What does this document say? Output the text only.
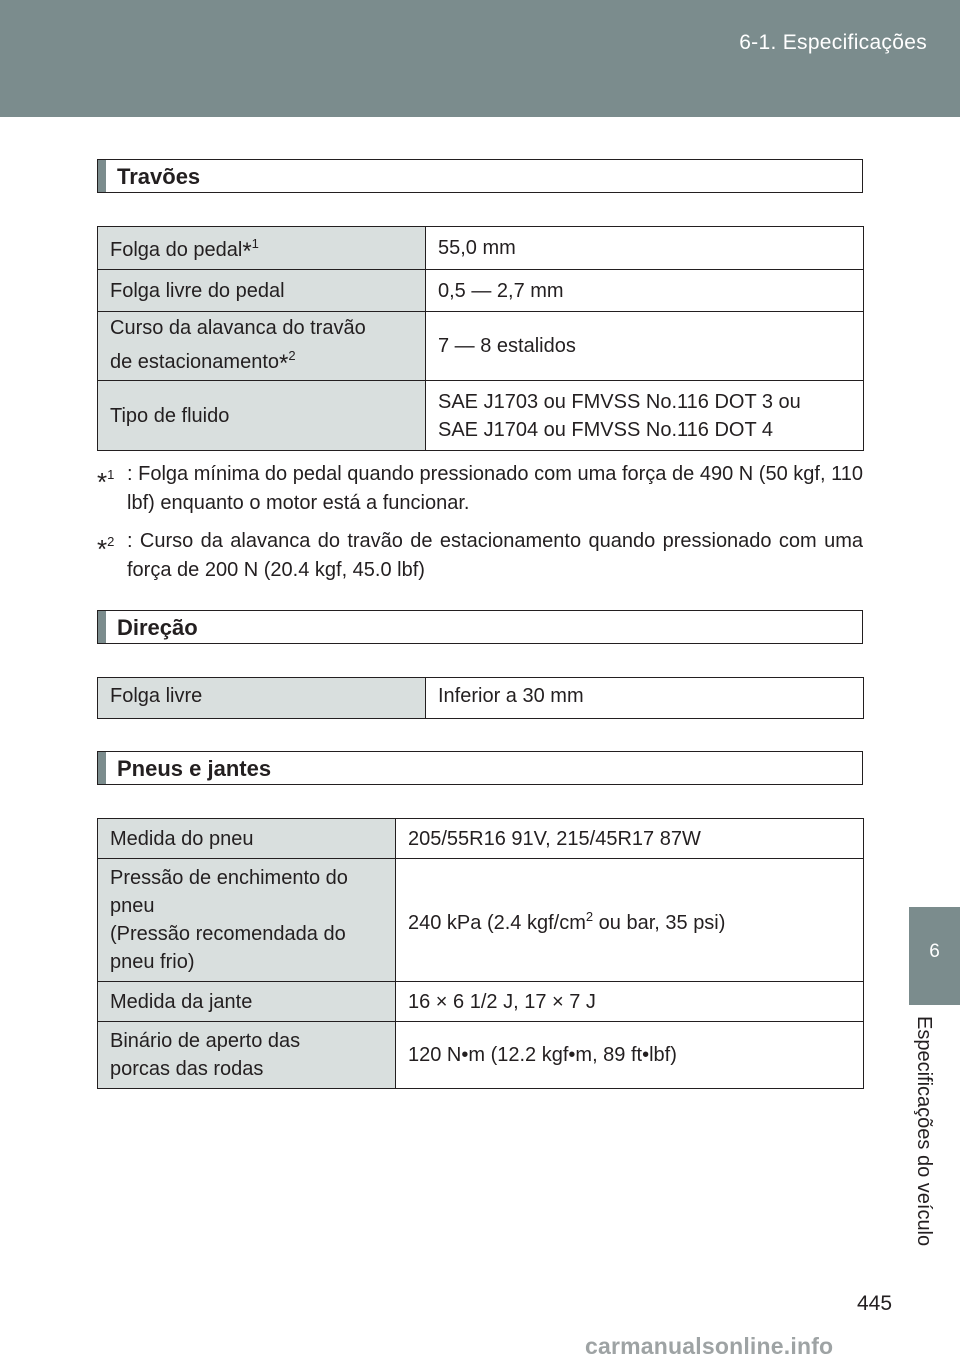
6-1. Especificações
6
Especificações do veículo
Travões
Folga do pedal*$^1$	55,0 mm
Folga livre do pedal	0,5 — 2,7 mm

Curso da alavanca do travão
de estacionamento*$^2$	7 — 8 estalidos
Tipo de fluido	SAE J1703 ou FMVSS No.116 DOT 3 ou
SAE J1704 ou FMVSS No.116 DOT 4
*$^1$ : Folga mínima do pedal quando pressionado com uma força de 490 N (50 kgf, 110 lbf) enquanto o motor está a funcionar.
*$^2$ : Curso da alavanca do travão de estacionamento quando pressionado com uma força de 200 N (20.4 kgf, 45.0 lbf)
Direção
Folga livre	Inferior a 30 mm
Pneus e jantes
Medida do pneu	205/55R16 91V, 215/45R17 87W

Pressão de enchimento do
pneu
(Pressão recomendada do
pneu frio)	240 kPa (2.4 kgf/$cm^2$ ou bar, 35 psi)
Medida da jante	16 × 6 1/2 J, 17 × 7 J

Binário de aperto das
porcas das rodas	120 N•m (12.2 kgf•m, 89 ft•lbf)
445
carmanualsonline.info
